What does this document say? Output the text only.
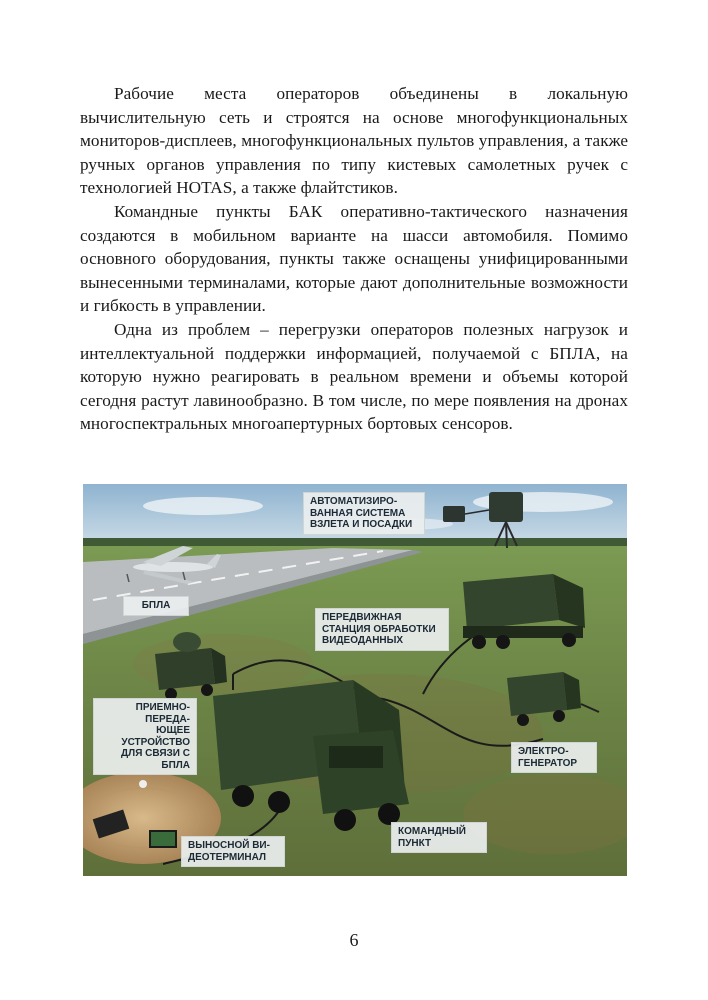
Рабочие места операторов объединены в локальную вычислительную сеть и строятся на основе многофункциональных мониторов-дисплеев, многофункциональных пультов управления, а также ручных органов управления по типу кистевых самолетных ручек с технологией HOTAS, а также флайтстиков.

Командные пункты БАК оперативно-тактического назначения создаются в мобильном варианте на шасси автомобиля. Помимо основного оборудования, пункты также оснащены унифицированными вынесенными терминалами, которые дают дополнительные возможности и гибкость в управлении.

Одна из проблем – перегрузки операторов полезных нагрузок и интеллектуальной поддержки информацией, получаемой с БПЛА, на которую нужно реагировать в реальном времени и объемы которой сегодня растут лавинообразно. В том числе, по мере появления на дронах многоспектральных многоапертурных бортовых сенсоров.

АВТОМАТИЗИРО-
ВАННАЯ СИСТЕМА
ВЗЛЕТА И ПОСАДКИ
БПЛА
ПЕРЕДВИЖНАЯ
СТАНЦИЯ ОБРАБОТКИ
ВИДЕОДАННЫХ
ПРИЕМНО-ПЕРЕДА-
ЮЩЕЕ УСТРОЙСТВО
ДЛЯ СВЯЗИ С БПЛА
ЭЛЕКТРО-
ГЕНЕРАТОР
КОМАНДНЫЙ
ПУНКТ
ВЫНОСНОЙ ВИ-
ДЕОТЕРМИНАЛ
6
